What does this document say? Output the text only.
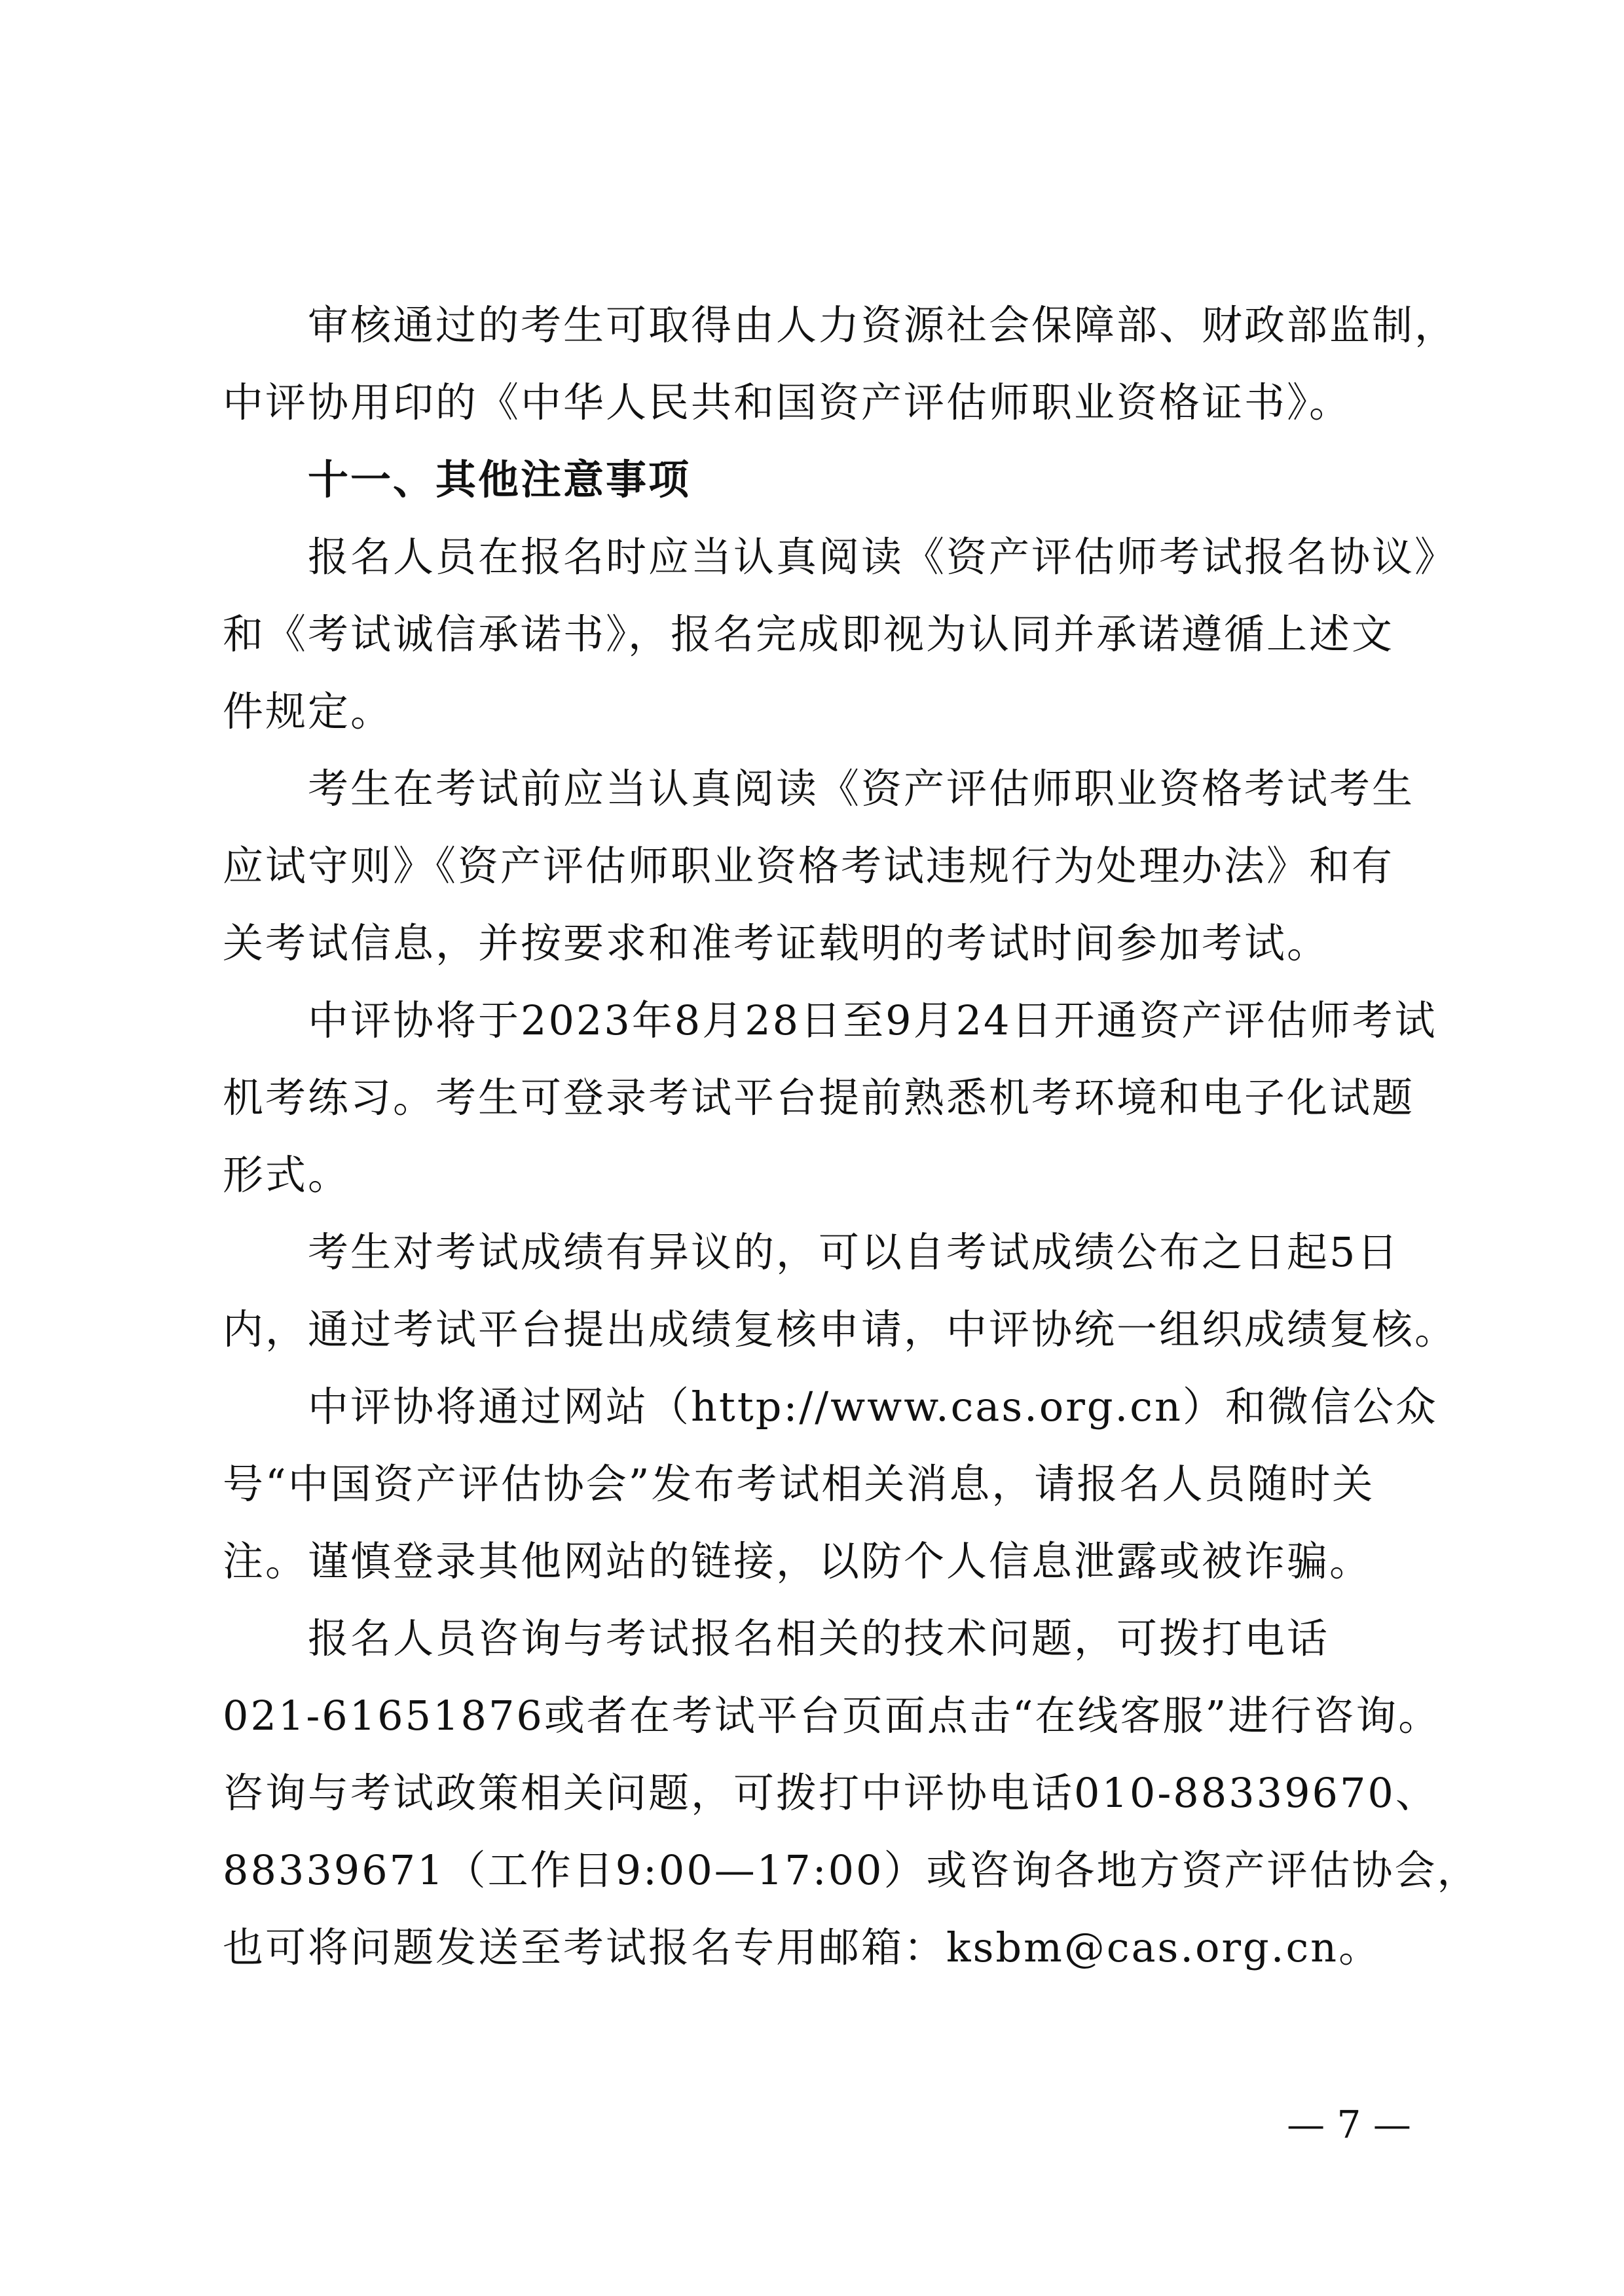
审核通过的考生可取得由人力资源社会保障部、财政部监制，
中评协用印的《中华人民共和国资产评估师职业资格证书》。
十一、其他注意事项
报名人员在报名时应当认真阅读《资产评估师考试报名协议》
和《考试诚信承诺书》，报名完成即视为认同并承诺遵循上述文
件规定。
考生在考试前应当认真阅读《资产评估师职业资格考试考生
应试守则》《资产评估师职业资格考试违规行为处理办法》和有
关考试信息，并按要求和准考证载明的考试时间参加考试。
中评协将于2023年8月28日至9月24日开通资产评估师考试
机考练习。考生可登录考试平台提前熟悉机考环境和电子化试题
形式。
考生对考试成绩有异议的，可以自考试成绩公布之日起5日
内，通过考试平台提出成绩复核申请，中评协统一组织成绩复核。
中评协将通过网站（http://www.cas.org.cn）和微信公众
号“中国资产评估协会”发布考试相关消息，请报名人员随时关
注。谨慎登录其他网站的链接，以防个人信息泄露或被诈骗。
报名人员咨询与考试报名相关的技术问题，可拨打电话
021-61651876或者在考试平台页面点击“在线客服”进行咨询。
咨询与考试政策相关问题，可拨打中评协电话010-88339670、
88339671（工作日9:00—17:00）或咨询各地方资产评估协会，
也可将问题发送至考试报名专用邮箱：ksbm@cas.org.cn。
— 7 —
